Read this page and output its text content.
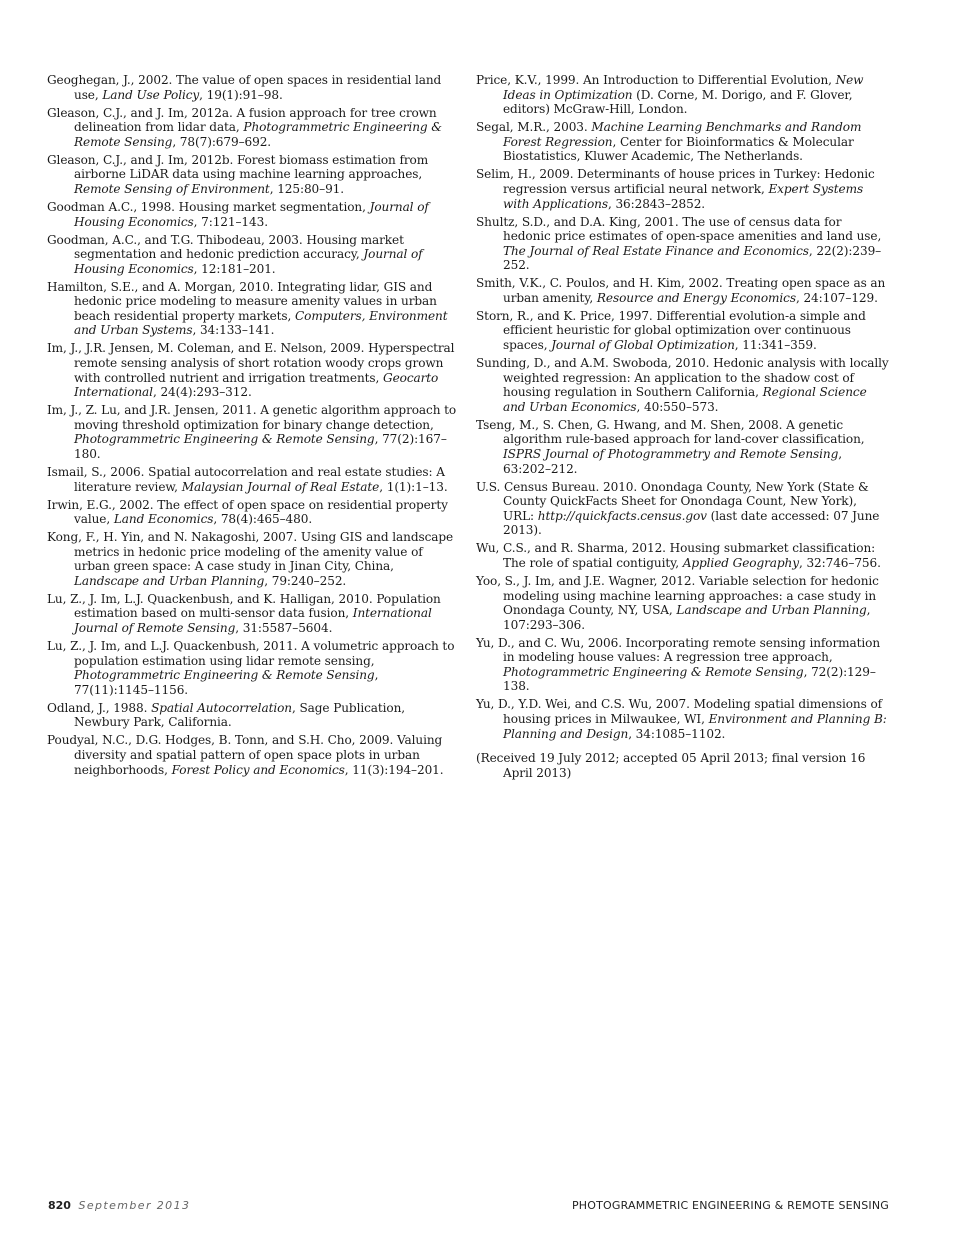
Geoghegan, J., 2002. The value of open spaces in residential land use, Land Use Policy, 19(1):91–98.

Gleason, C.J., and J. Im, 2012a. A fusion approach for tree crown delineation from lidar data, Photogrammetric Engineering & Remote Sensing, 78(7):679–692.

Gleason, C.J., and J. Im, 2012b. Forest biomass estimation from airborne LiDAR data using machine learning approaches, Remote Sensing of Environment, 125:80–91.

Goodman A.C., 1998. Housing market segmentation, Journal of Housing Economics, 7:121–143.

Goodman, A.C., and T.G. Thibodeau, 2003. Housing market segmentation and hedonic prediction accuracy, Journal of Housing Economics, 12:181–201.

Hamilton, S.E., and A. Morgan, 2010. Integrating lidar, GIS and hedonic price modeling to measure amenity values in urban beach residential property markets, Computers, Environment and Urban Systems, 34:133–141.

Im, J., J.R. Jensen, M. Coleman, and E. Nelson, 2009. Hyperspectral remote sensing analysis of short rotation woody crops grown with controlled nutrient and irrigation treatments, Geocarto International, 24(4):293–312.

Im, J., Z. Lu, and J.R. Jensen, 2011. A genetic algorithm approach to moving threshold optimization for binary change detection, Photogrammetric Engineering & Remote Sensing, 77(2):167–180.

Ismail, S., 2006. Spatial autocorrelation and real estate studies: A literature review, Malaysian Journal of Real Estate, 1(1):1–13.

Irwin, E.G., 2002. The effect of open space on residential property value, Land Economics, 78(4):465–480.

Kong, F., H. Yin, and N. Nakagoshi, 2007. Using GIS and landscape metrics in hedonic price modeling of the amenity value of urban green space: A case study in Jinan City, China, Landscape and Urban Planning, 79:240–252.

Lu, Z., J. Im, L.J. Quackenbush, and K. Halligan, 2010. Population estimation based on multi-sensor data fusion, International Journal of Remote Sensing, 31:5587–5604.

Lu, Z., J. Im, and L.J. Quackenbush, 2011. A volumetric approach to population estimation using lidar remote sensing, Photogrammetric Engineering & Remote Sensing, 77(11):1145–1156.

Odland, J., 1988. Spatial Autocorrelation, Sage Publication, Newbury Park, California.

Poudyal, N.C., D.G. Hodges, B. Tonn, and S.H. Cho, 2009. Valuing diversity and spatial pattern of open space plots in urban neighborhoods, Forest Policy and Economics, 11(3):194–201.

Price, K.V., 1999. An Introduction to Differential Evolution, New Ideas in Optimization (D. Corne, M. Dorigo, and F. Glover, editors) McGraw-Hill, London.

Segal, M.R., 2003. Machine Learning Benchmarks and Random Forest Regression, Center for Bioinformatics & Molecular Biostatistics, Kluwer Academic, The Netherlands.

Selim, H., 2009. Determinants of house prices in Turkey: Hedonic regression versus artificial neural network, Expert Systems with Applications, 36:2843–2852.

Shultz, S.D., and D.A. King, 2001. The use of census data for hedonic price estimates of open-space amenities and land use, The Journal of Real Estate Finance and Economics, 22(2):239–252.

Smith, V.K., C. Poulos, and H. Kim, 2002. Treating open space as an urban amenity, Resource and Energy Economics, 24:107–129.

Storn, R., and K. Price, 1997. Differential evolution-a simple and efficient heuristic for global optimization over continuous spaces, Journal of Global Optimization, 11:341–359.

Sunding, D., and A.M. Swoboda, 2010. Hedonic analysis with locally weighted regression: An application to the shadow cost of housing regulation in Southern California, Regional Science and Urban Economics, 40:550–573.

Tseng, M., S. Chen, G. Hwang, and M. Shen, 2008. A genetic algorithm rule-based approach for land-cover classification, ISPRS Journal of Photogrammetry and Remote Sensing, 63:202–212.

U.S. Census Bureau. 2010. Onondaga County, New York (State & County QuickFacts Sheet for Onondaga Count, New York), URL: http://quickfacts.census.gov (last date accessed: 07 June 2013).

Wu, C.S., and R. Sharma, 2012. Housing submarket classification: The role of spatial contiguity, Applied Geography, 32:746–756.

Yoo, S., J. Im, and J.E. Wagner, 2012. Variable selection for hedonic modeling using machine learning approaches: a case study in Onondaga County, NY, USA, Landscape and Urban Planning, 107:293–306.

Yu, D., and C. Wu, 2006. Incorporating remote sensing information in modeling house values: A regression tree approach, Photogrammetric Engineering & Remote Sensing, 72(2):129–138.

Yu, D., Y.D. Wei, and C.S. Wu, 2007. Modeling spatial dimensions of housing prices in Milwaukee, WI, Environment and Planning B: Planning and Design, 34:1085–1102.

(Received 19 July 2012; accepted 05 April 2013; final version 16 April 2013)

820 September 2013	PHOTOGRAMMETRIC ENGINEERING & REMOTE SENSING
